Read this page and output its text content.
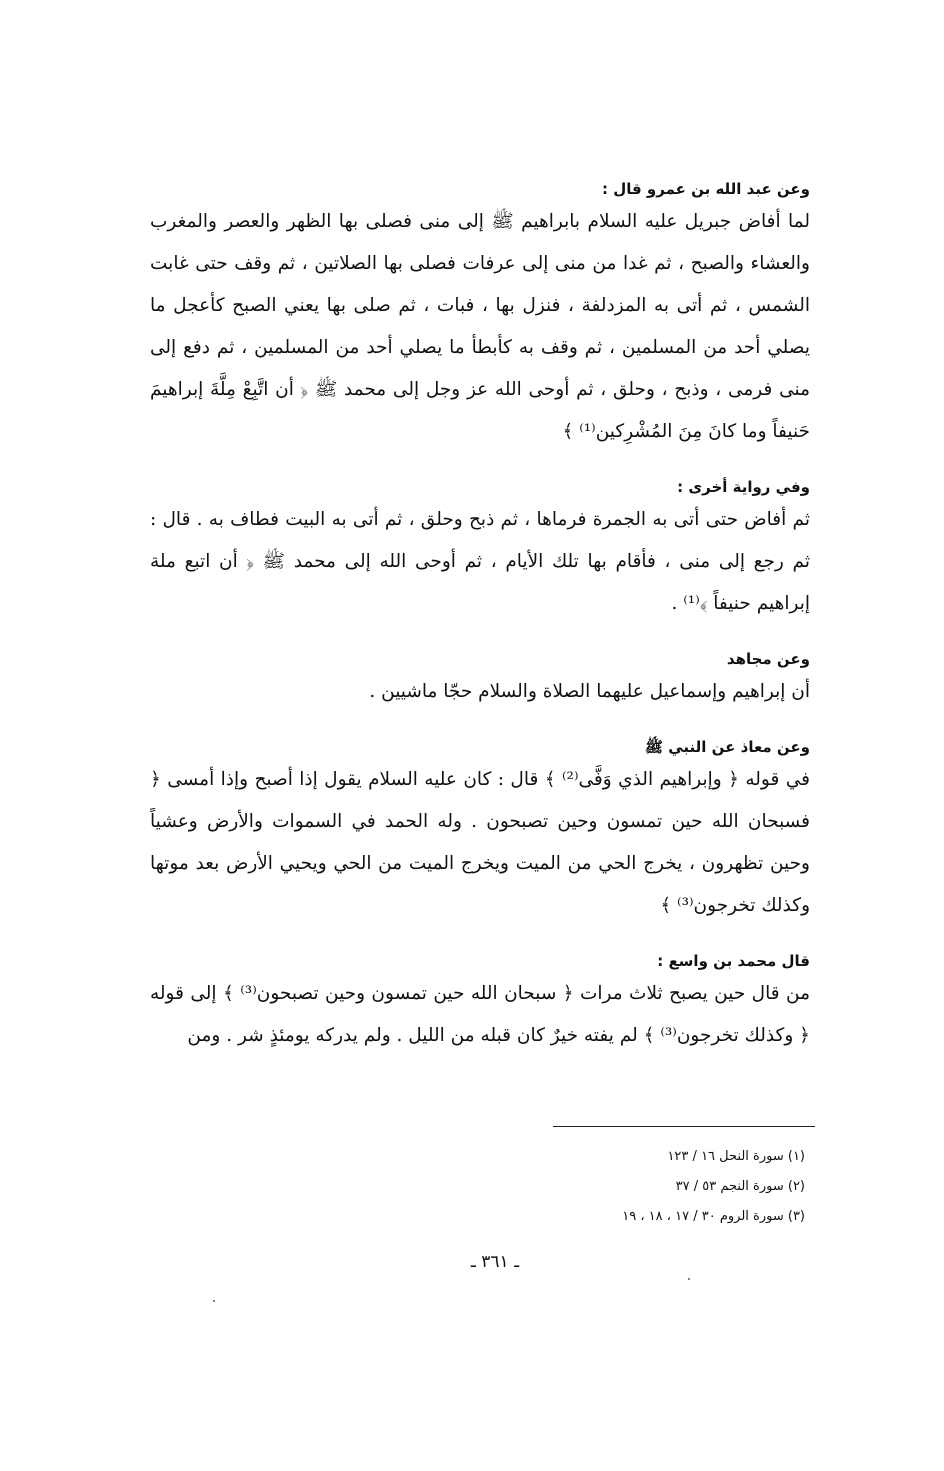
وعن عبد الله بن عمرو قال :

لما أفاض جبريل عليه السلام بابراهيم ﷺ إلى منى فصلى بها الظهر والعصر والمغرب والعشاء والصبح ، ثم غدا من منى إلى عرفات فصلى بها الصلاتين ، ثم وقف حتى غابت الشمس ، ثم أتى به المزدلفة ، فنزل بها ، فبات ، ثم صلى بها يعني الصبح كأعجل ما يصلي أحد من المسلمين ، ثم وقف به كأبطأ ما يصلي أحد من المسلمين ، ثم دفع إلى منى فرمى ، وذبح ، وحلق ، ثم أوحى الله عز وجل إلى محمد ﷺ ﴿ أن اتَّبِعْ مِلَّةَ إبراهيمَ حَنيفاً وما كانَ مِنَ المُشْرِكين⁽¹⁾ ﴾

وفي رواية أخرى :

ثم أفاض حتى أتى به الجمرة فرماها ، ثم ذبح وحلق ، ثم أتى به البيت فطاف به . قال : ثم رجع إلى منى ، فأقام بها تلك الأيام ، ثم أوحى الله إلى محمد ﷺ ﴿ أن اتبع ملة إبراهيم حنيفاً ﴾⁽¹⁾ .

وعن مجاهد

أن إبراهيم وإسماعيل عليهما الصلاة والسلام حجّا ماشيين .

وعن معاذ عن النبي ﷺ

في قوله ﴿ وإبراهيم الذي وَفَّى⁽²⁾ ﴾ قال : كان عليه السلام يقول إذا أصبح وإذا أمسى ﴿ فسبحان الله حين تمسون وحين تصبحون . وله الحمد في السموات والأرض وعشياً وحين تظهرون ، يخرج الحي من الميت ويخرج الميت من الحي ويحيي الأرض بعد موتها وكذلك تخرجون⁽³⁾ ﴾

قال محمد بن واسع :

من قال حين يصبح ثلاث مرات ﴿ سبحان الله حين تمسون وحين تصبحون⁽³⁾ ﴾ إلى قوله ﴿ وكذلك تخرجون⁽³⁾ ﴾ لم يفته خيرٌ كان قبله من الليل . ولم يدركه يومئذٍ شر . ومن

(١) سورة النحل ١٦ / ١٢٣

(٢) سورة النجم ٥٣ / ٣٧

(٣) سورة الروم ٣٠ / ١٧ ، ١٨ ، ١٩

ـ ٣٦١ ـ
